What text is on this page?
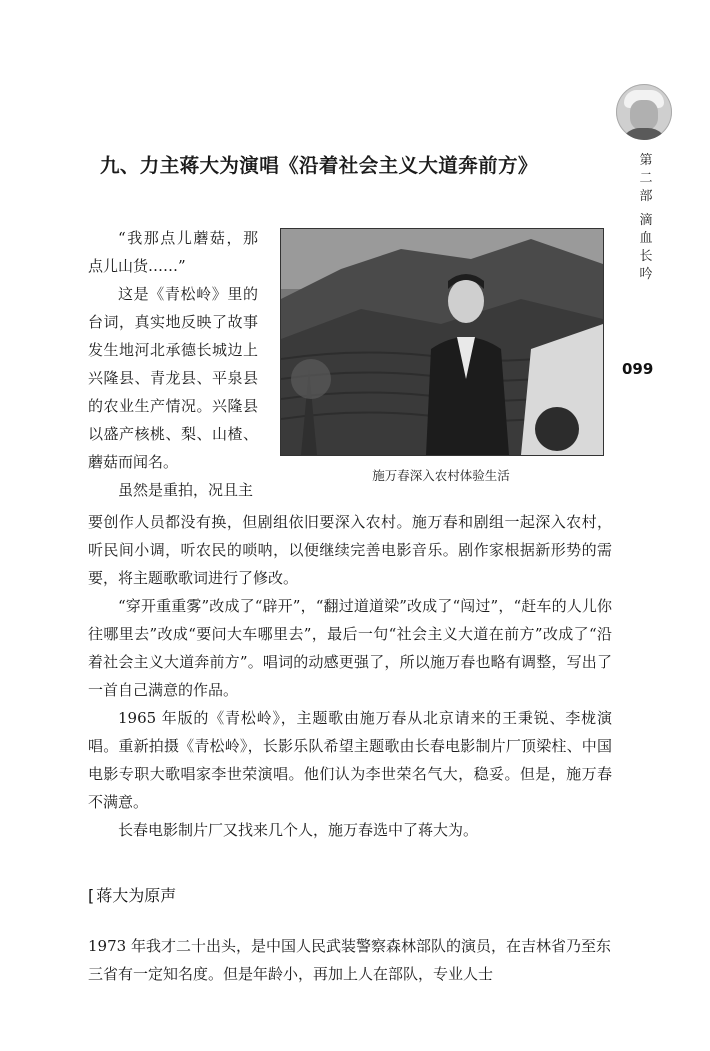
第二部
滴血长吟
099
九、力主蒋大为演唱《沿着社会主义大道奔前方》
施万春深入农村体验生活

“我那点儿蘑菇，那点儿山货……”

这是《青松岭》里的台词，真实地反映了故事发生地河北承德长城边上兴隆县、青龙县、平泉县的农业生产情况。兴隆县以盛产核桃、梨、山楂、蘑菇而闻名。

虽然是重拍，况且主

要创作人员都没有换，但剧组依旧要深入农村。施万春和剧组一起深入农村，听民间小调，听农民的唢呐，以便继续完善电影音乐。剧作家根据新形势的需要，将主题歌歌词进行了修改。

“穿开重重雾”改成了“辟开”，“翻过道道梁”改成了“闯过”，“赶车的人儿你往哪里去”改成“要问大车哪里去”，最后一句“社会主义大道在前方”改成了“沿着社会主义大道奔前方”。唱词的动感更强了，所以施万春也略有调整，写出了一首自己满意的作品。

1965 年版的《青松岭》，主题歌由施万春从北京请来的王秉锐、李栊演唱。重新拍摄《青松岭》，长影乐队希望主题歌由长春电影制片厂顶梁柱、中国电影专职大歌唱家李世荣演唱。他们认为李世荣名气大，稳妥。但是，施万春不满意。

长春电影制片厂又找来几个人，施万春选中了蒋大为。

[ 蒋大为原声

1973 年我才二十出头，是中国人民武装警察森林部队的演员，在吉林省乃至东三省有一定知名度。但是年龄小，再加上人在部队，专业人士
